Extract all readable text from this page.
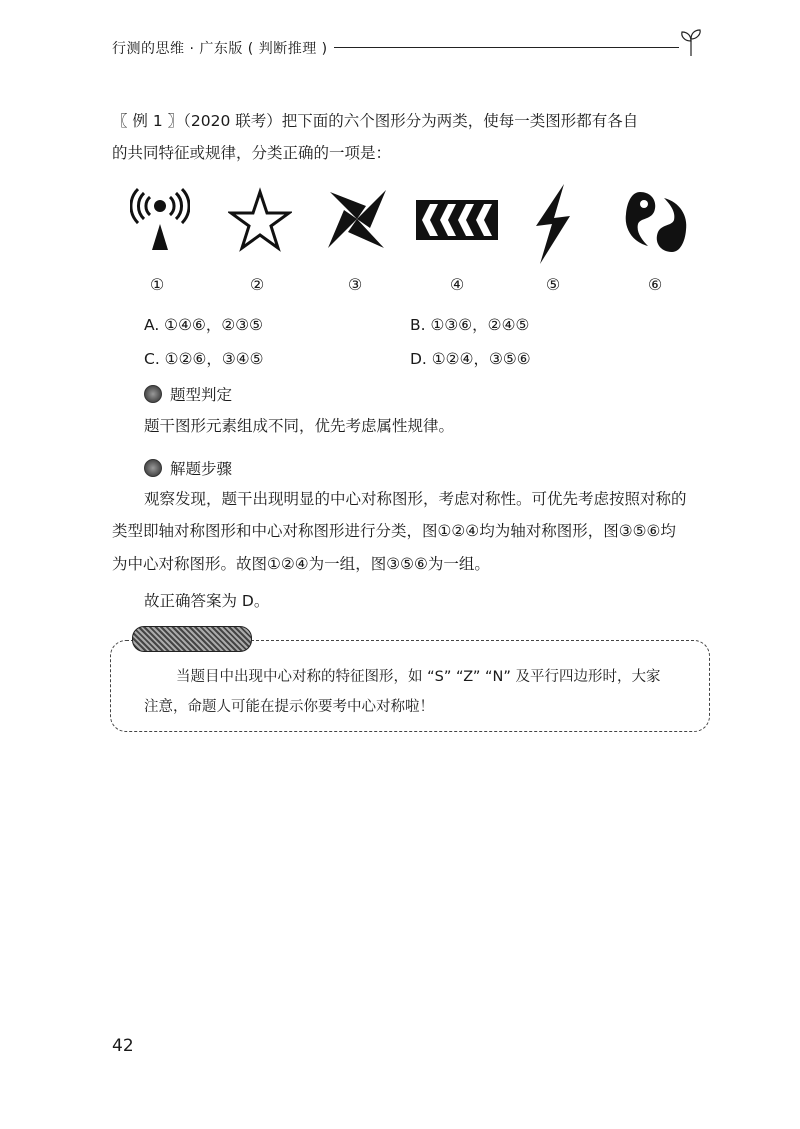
行测的思维 · 广东版 ( 判断推理 )
〖 例 1 〗（2020 联考）把下面的六个图形分为两类，使每一类图形都有各自
的共同特征或规律，分类正确的一项是：
①	②	③	④	⑤	⑥
A. ①④⑥，②③⑤	B. ①③⑥，②④⑤
C. ①②⑥，③④⑤	D. ①②④，③⑤⑥
题型判定
题干图形元素组成不同，优先考虑属性规律。
解题步骤
观察发现，题干出现明显的中心对称图形，考虑对称性。可优先考虑按照对称的
类型即轴对称图形和中心对称图形进行分类，图①②④均为轴对称图形，图③⑤⑥均
为中心对称图形。故图①②④为一组，图③⑤⑥为一组。
故正确答案为 D。
当题目中出现中心对称的特征图形，如 “S” “Z” “N” 及平行四边形时，大家
注意，命题人可能在提示你要考中心对称啦！
42
